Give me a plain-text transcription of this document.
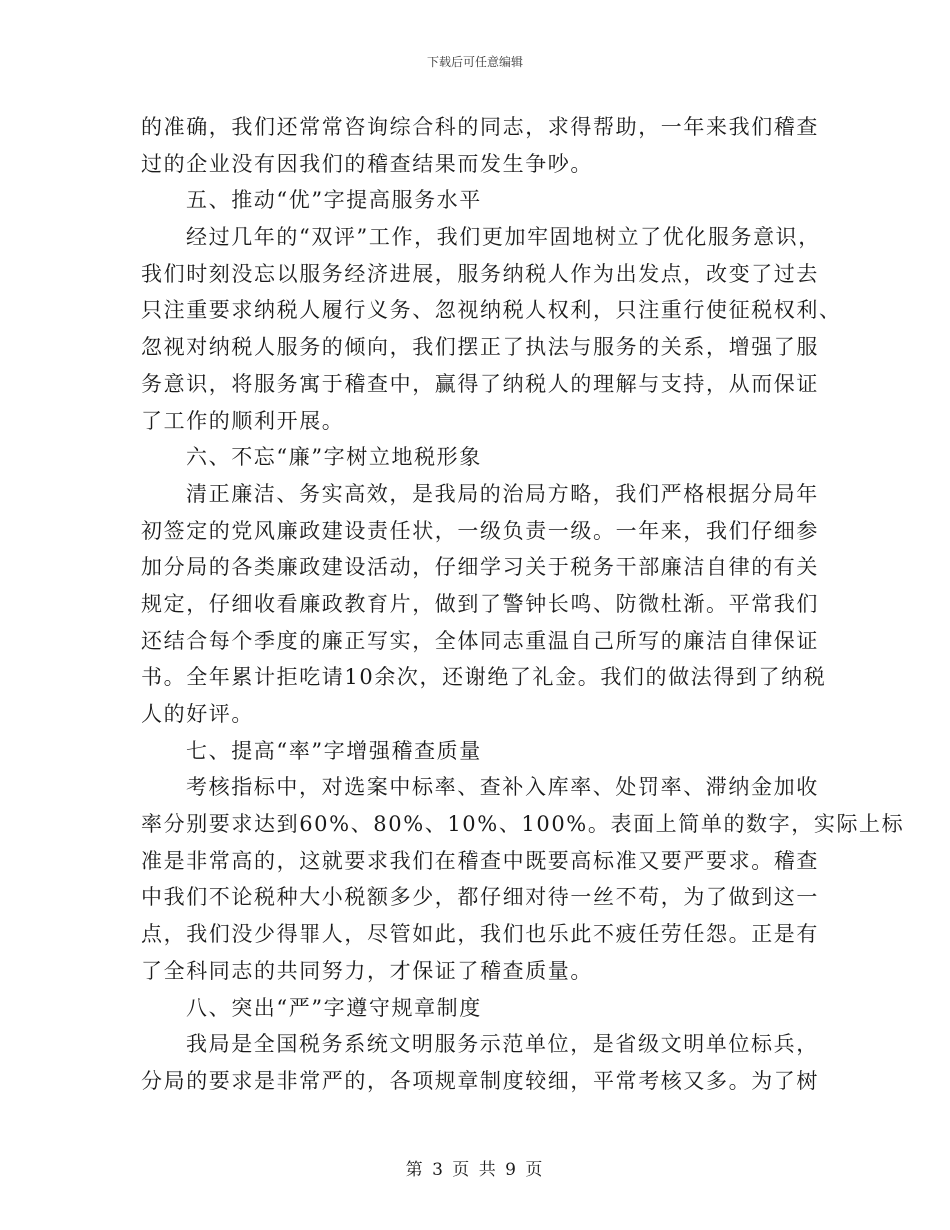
下载后可任意编辑
的准确，我们还常常咨询综合科的同志，求得帮助，一年来我们稽查
过的企业没有因我们的稽查结果而发生争吵。
五、推动“优”字提高服务水平
经过几年的“双评”工作，我们更加牢固地树立了优化服务意识，
我们时刻没忘以服务经济进展，服务纳税人作为出发点，改变了过去
只注重要求纳税人履行义务、忽视纳税人权利，只注重行使征税权利、
忽视对纳税人服务的倾向，我们摆正了执法与服务的关系，增强了服
务意识，将服务寓于稽查中，赢得了纳税人的理解与支持，从而保证
了工作的顺利开展。
六、不忘“廉”字树立地税形象
清正廉洁、务实高效，是我局的治局方略，我们严格根据分局年
初签定的党风廉政建设责任状，一级负责一级。一年来，我们仔细参
加分局的各类廉政建设活动，仔细学习关于税务干部廉洁自律的有关
规定，仔细收看廉政教育片，做到了警钟长鸣、防微杜渐。平常我们
还结合每个季度的廉正写实，全体同志重温自己所写的廉洁自律保证
书。全年累计拒吃请10余次，还谢绝了礼金。我们的做法得到了纳税
人的好评。
七、提高“率”字增强稽查质量
考核指标中，对选案中标率、查补入库率、处罚率、滞纳金加收
率分别要求达到60%、80%、10%、100%。表面上简单的数字，实际上标
准是非常高的，这就要求我们在稽查中既要高标准又要严要求。稽查
中我们不论税种大小税额多少，都仔细对待一丝不苟，为了做到这一
点，我们没少得罪人，尽管如此，我们也乐此不疲任劳任怨。正是有
了全科同志的共同努力，才保证了稽查质量。
八、突出“严”字遵守规章制度
我局是全国税务系统文明服务示范单位，是省级文明单位标兵，
分局的要求是非常严的，各项规章制度较细，平常考核又多。为了树
第 3 页 共 9 页
